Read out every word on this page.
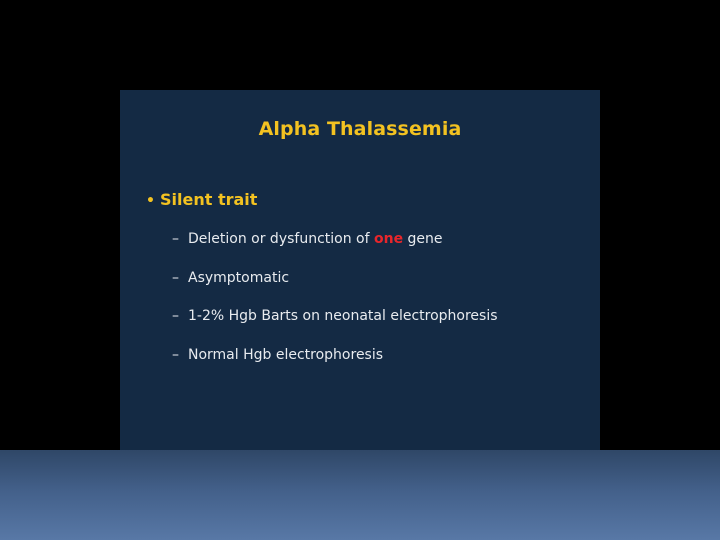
Alpha Thalassemia
• Silent trait
– Deletion or dysfunction of one gene
– Asymptomatic
– 1-2% Hgb Barts on neonatal electrophoresis
– Normal Hgb electrophoresis
